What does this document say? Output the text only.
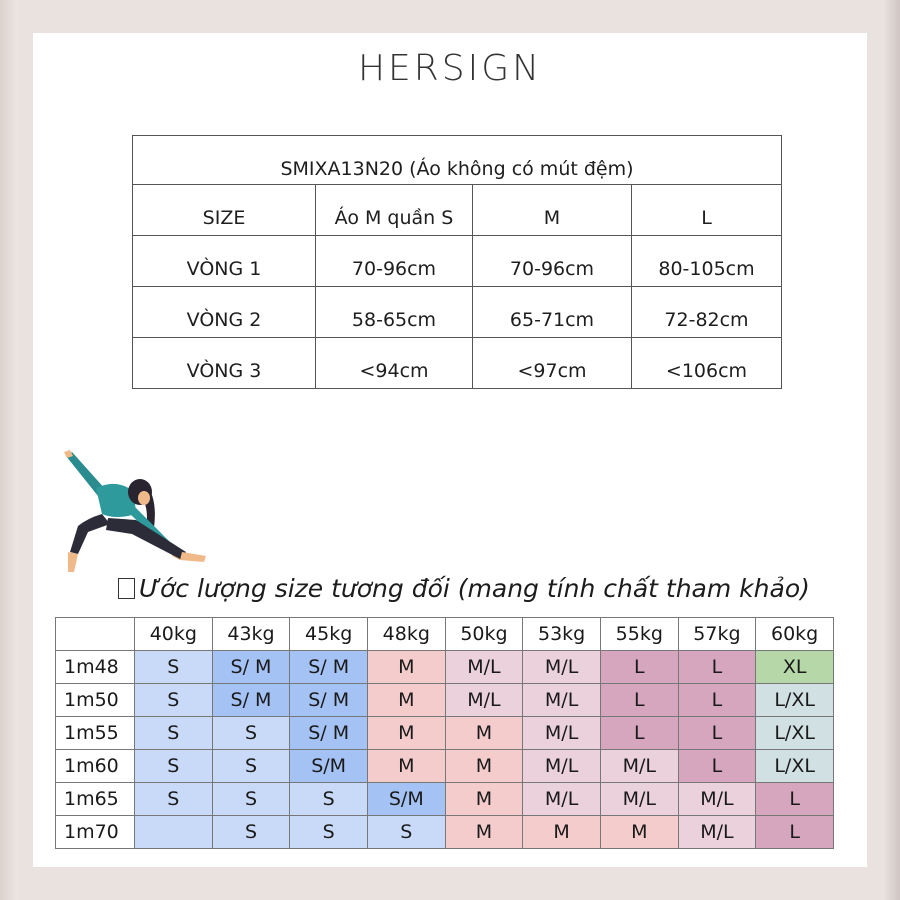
HERSIGN
SMIXA13N20 (Áo không có mút đệm)			
SIZE	Áo M quần S	M	L
VÒNG 1	70-96cm	70-96cm	80-105cm
VÒNG 2	58-65cm	65-71cm	72-82cm
VÒNG 3	<94cm	<97cm	<106cm
Ước lượng size tương đối (mang tính chất tham khảo)
	40kg	43kg	45kg	48kg	50kg	53kg	55kg	57kg	60kg
1m48	S	S/ M	S/ M	M	M/L	M/L	L	L	XL
1m50	S	S/ M	S/ M	M	M/L	M/L	L	L	L/XL
1m55	S	S	S/ M	M	M	M/L	L	L	L/XL
1m60	S	S	S/M	M	M	M/L	M/L	L	L/XL
1m65	S	S	S	S/M	M	M/L	M/L	M/L	L
1m70		S	S	S	M	M	M	M/L	L
